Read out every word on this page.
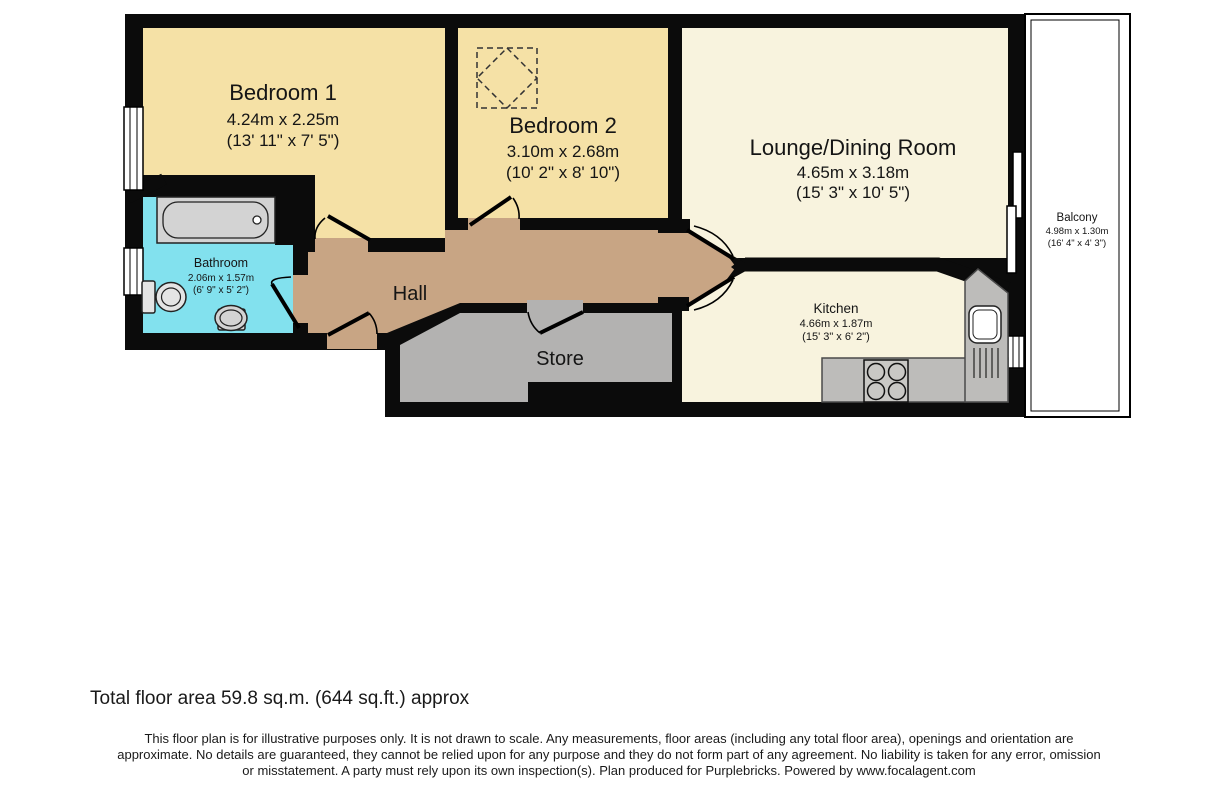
Bedroom 1
4.24m x 2.25m
(13' 11" x 7' 5")
Bedroom 2
3.10m x 2.68m
(10' 2" x 8' 10")
Lounge/Dining Room
4.65m x 3.18m
(15' 3" x 10' 5")
Bathroom
2.06m x 1.57m
(6' 9" x 5' 2")	Hall
Store
Kitchen
4.66m x 1.87m
(15' 3" x 6' 2")
Balcony
4.98m x 1.30m
(16' 4" x 4' 3")
Total floor area 59.8 sq.m. (644 sq.ft.) approx
This floor plan is for illustrative purposes only. It is not drawn to scale. Any measurements, floor areas (including any total floor area), openings and orientation are
approximate. No details are guaranteed, they cannot be relied upon for any purpose and they do not form part of any agreement. No liability is taken for any error, omission
or misstatement. A party must rely upon its own inspection(s). Plan produced for Purplebricks. Powered by www.focalagent.com
